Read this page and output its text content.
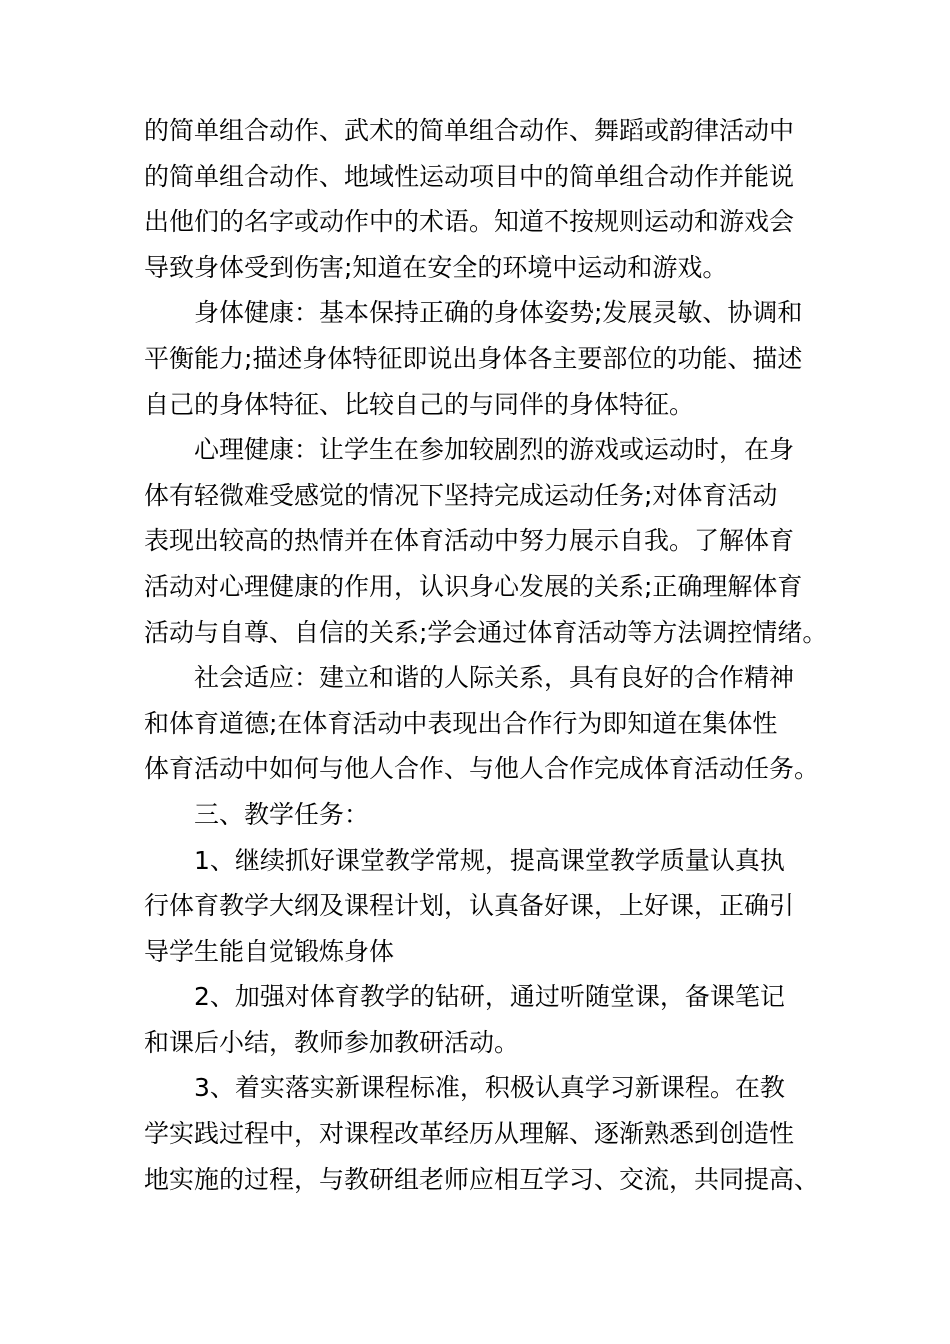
的简单组合动作、武术的简单组合动作、舞蹈或韵律活动中
的简单组合动作、地域性运动项目中的简单组合动作并能说
出他们的名字或动作中的术语。知道不按规则运动和游戏会
导致身体受到伤害;知道在安全的环境中运动和游戏。
身体健康：基本保持正确的身体姿势;发展灵敏、协调和
平衡能力;描述身体特征即说出身体各主要部位的功能、描述
自己的身体特征、比较自己的与同伴的身体特征。
心理健康：让学生在参加较剧烈的游戏或运动时，在身
体有轻微难受感觉的情况下坚持完成运动任务;对体育活动
表现出较高的热情并在体育活动中努力展示自我。了解体育
活动对心理健康的作用，认识身心发展的关系;正确理解体育
活动与自尊、自信的关系;学会通过体育活动等方法调控情绪。
社会适应：建立和谐的人际关系，具有良好的合作精神
和体育道德;在体育活动中表现出合作行为即知道在集体性
体育活动中如何与他人合作、与他人合作完成体育活动任务。
三、教学任务：
1、继续抓好课堂教学常规，提高课堂教学质量认真执
行体育教学大纲及课程计划，认真备好课，上好课，正确引
导学生能自觉锻炼身体
2、加强对体育教学的钻研，通过听随堂课，备课笔记
和课后小结，教师参加教研活动。
3、着实落实新课程标准，积极认真学习新课程。在教
学实践过程中，对课程改革经历从理解、逐渐熟悉到创造性
地实施的过程，与教研组老师应相互学习、交流，共同提高、
